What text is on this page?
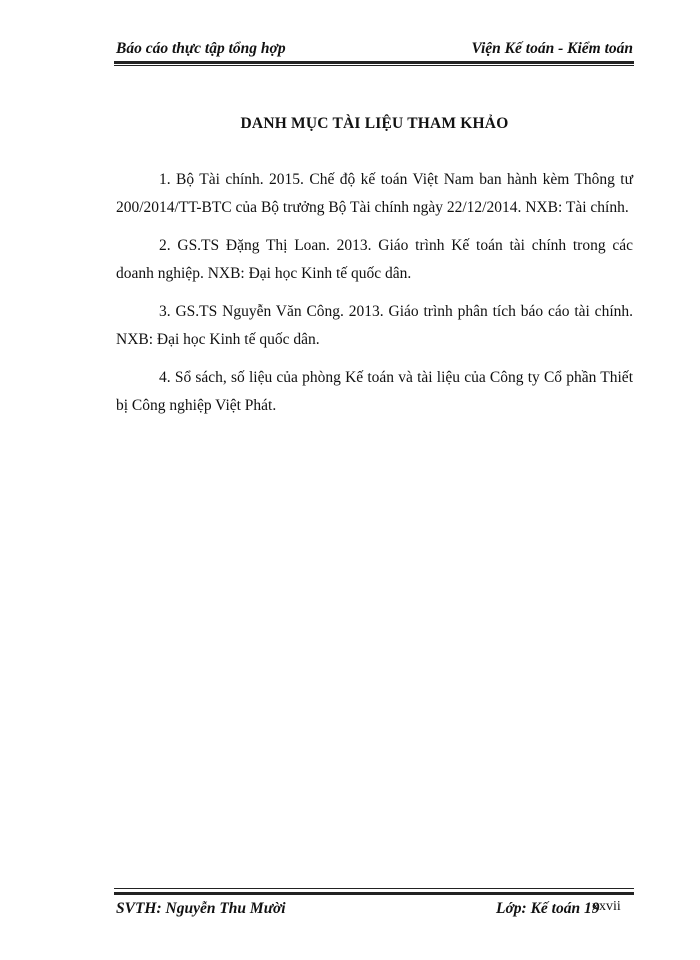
Báo cáo thực tập tổng hợp	Viện Kế toán - Kiểm toán
DANH MỤC TÀI LIỆU THAM KHẢO

1. Bộ Tài chính. 2015. Chế độ kế toán Việt Nam ban hành kèm Thông tư 200/2014/TT-BTC của Bộ trưởng Bộ Tài chính ngày 22/12/2014. NXB: Tài chính.

2. GS.TS Đặng Thị Loan. 2013. Giáo trình Kế toán tài chính trong các doanh nghiệp. NXB: Đại học Kinh tế quốc dân.

3. GS.TS Nguyễn Văn Công. 2013. Giáo trình phân tích báo cáo tài chính. NXB: Đại học Kinh tế quốc dân.

4. Sổ sách, số liệu của phòng Kế toán và tài liệu của Công ty Cổ phần Thiết bị Công nghiệp Việt Phát.

SVTH: Nguyễn Thu Mười	Lớp: Kế toán 19
xxvii
